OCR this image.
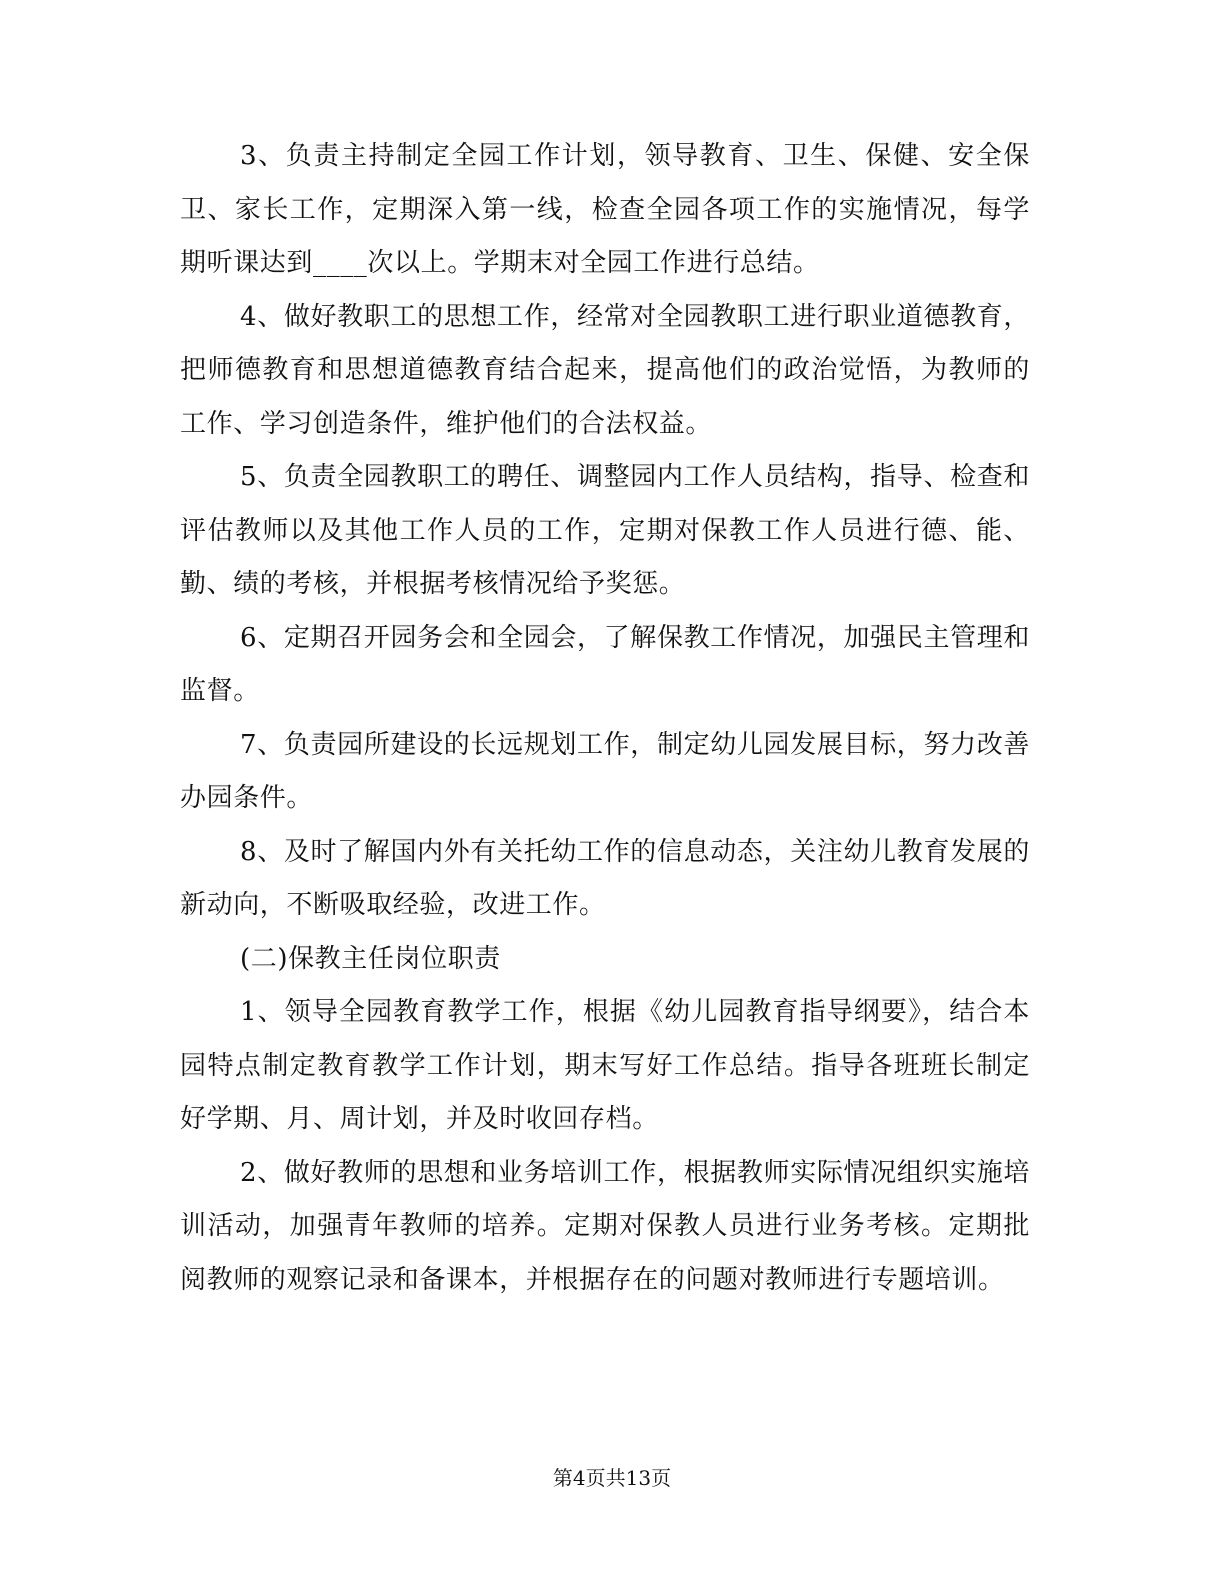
3、负责主持制定全园工作计划，领导教育、卫生、保健、安全保卫、家长工作，定期深入第一线，检查全园各项工作的实施情况，每学期听课达到____次以上。学期末对全园工作进行总结。

4、做好教职工的思想工作，经常对全园教职工进行职业道德教育，把师德教育和思想道德教育结合起来，提高他们的政治觉悟，为教师的工作、学习创造条件，维护他们的合法权益。

5、负责全园教职工的聘任、调整园内工作人员结构，指导、检查和评估教师以及其他工作人员的工作，定期对保教工作人员进行德、能、勤、绩的考核，并根据考核情况给予奖惩。

6、定期召开园务会和全园会，了解保教工作情况，加强民主管理和监督。

7、负责园所建设的长远规划工作，制定幼儿园发展目标，努力改善办园条件。

8、及时了解国内外有关托幼工作的信息动态，关注幼儿教育发展的新动向，不断吸取经验，改进工作。

(二)保教主任岗位职责

1、领导全园教育教学工作，根据《幼儿园教育指导纲要》，结合本园特点制定教育教学工作计划，期末写好工作总结。指导各班班长制定好学期、月、周计划，并及时收回存档。

2、做好教师的思想和业务培训工作，根据教师实际情况组织实施培训活动，加强青年教师的培养。定期对保教人员进行业务考核。定期批阅教师的观察记录和备课本，并根据存在的问题对教师进行专题培训。

第4页共13页
